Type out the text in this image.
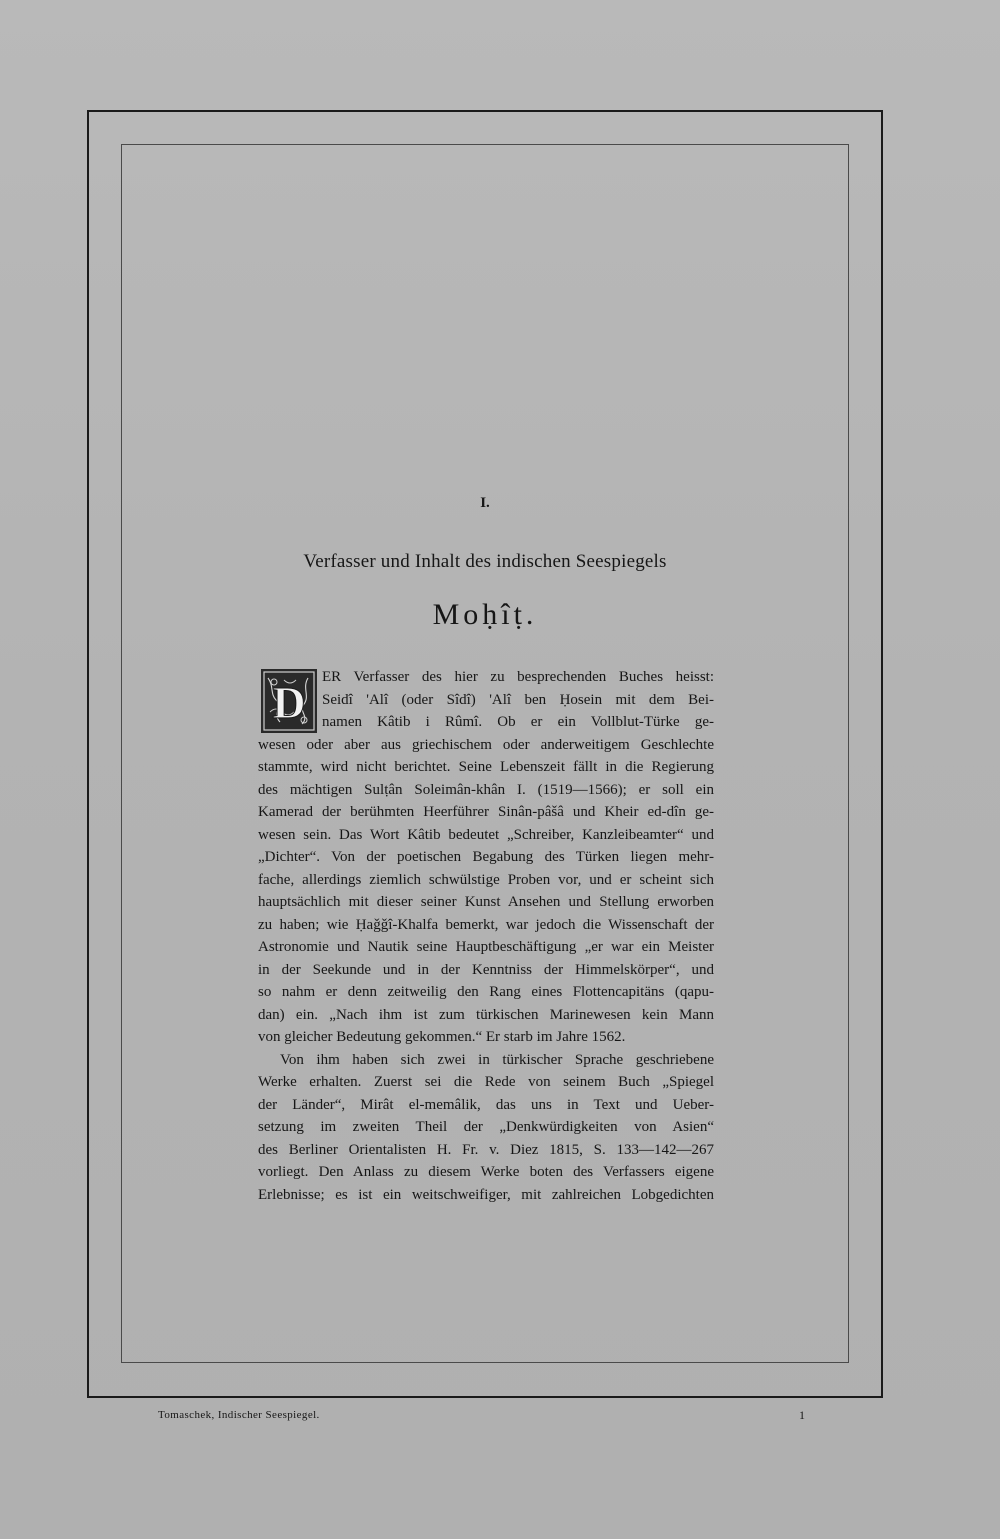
I.
Verfasser und Inhalt des indischen Seespiegels
Moḥîṭ.
D	ER Verfasser des hier zu besprechenden Buches heisst:
Seidî 'Alî (oder Sîdî) 'Alî ben Ḥosein mit dem Bei-
namen Kâtib i Rûmî. Ob er ein Vollblut-Türke ge-
wesen oder aber aus griechischem oder anderweitigem Geschlechte
stammte, wird nicht berichtet. Seine Lebenszeit fällt in die Regierung
des mächtigen Sulṭân Soleimân-khân I. (1519—1566); er soll ein
Kamerad der berühmten Heerführer Sinân-pâšâ und Kheir ed-dîn ge-
wesen sein. Das Wort Kâtib bedeutet „Schreiber, Kanzleibeamter“ und
„Dichter“. Von der poetischen Begabung des Türken liegen mehr-
fache, allerdings ziemlich schwülstige Proben vor, und er scheint sich
hauptsächlich mit dieser seiner Kunst Ansehen und Stellung erworben
zu haben; wie Ḥaǧǧî-Khalfa bemerkt, war jedoch die Wissenschaft der
Astronomie und Nautik seine Hauptbeschäftigung „er war ein Meister
in der Seekunde und in der Kenntniss der Himmelskörper“, und
so nahm er denn zeitweilig den Rang eines Flottencapitäns (qapu-
dan) ein. „Nach ihm ist zum türkischen Marinewesen kein Mann
von gleicher Bedeutung gekommen.“ Er starb im Jahre 1562.
Von ihm haben sich zwei in türkischer Sprache geschriebene
Werke erhalten. Zuerst sei die Rede von seinem Buch „Spiegel
der Länder“, Mirât el-memâlik, das uns in Text und Ueber-
setzung im zweiten Theil der „Denkwürdigkeiten von Asien“
des Berliner Orientalisten H. Fr. v. Diez 1815, S. 133—142—267
vorliegt. Den Anlass zu diesem Werke boten des Verfassers eigene
Erlebnisse; es ist ein weitschweifiger, mit zahlreichen Lobgedichten
Tomaschek, Indischer Seespiegel.	1
